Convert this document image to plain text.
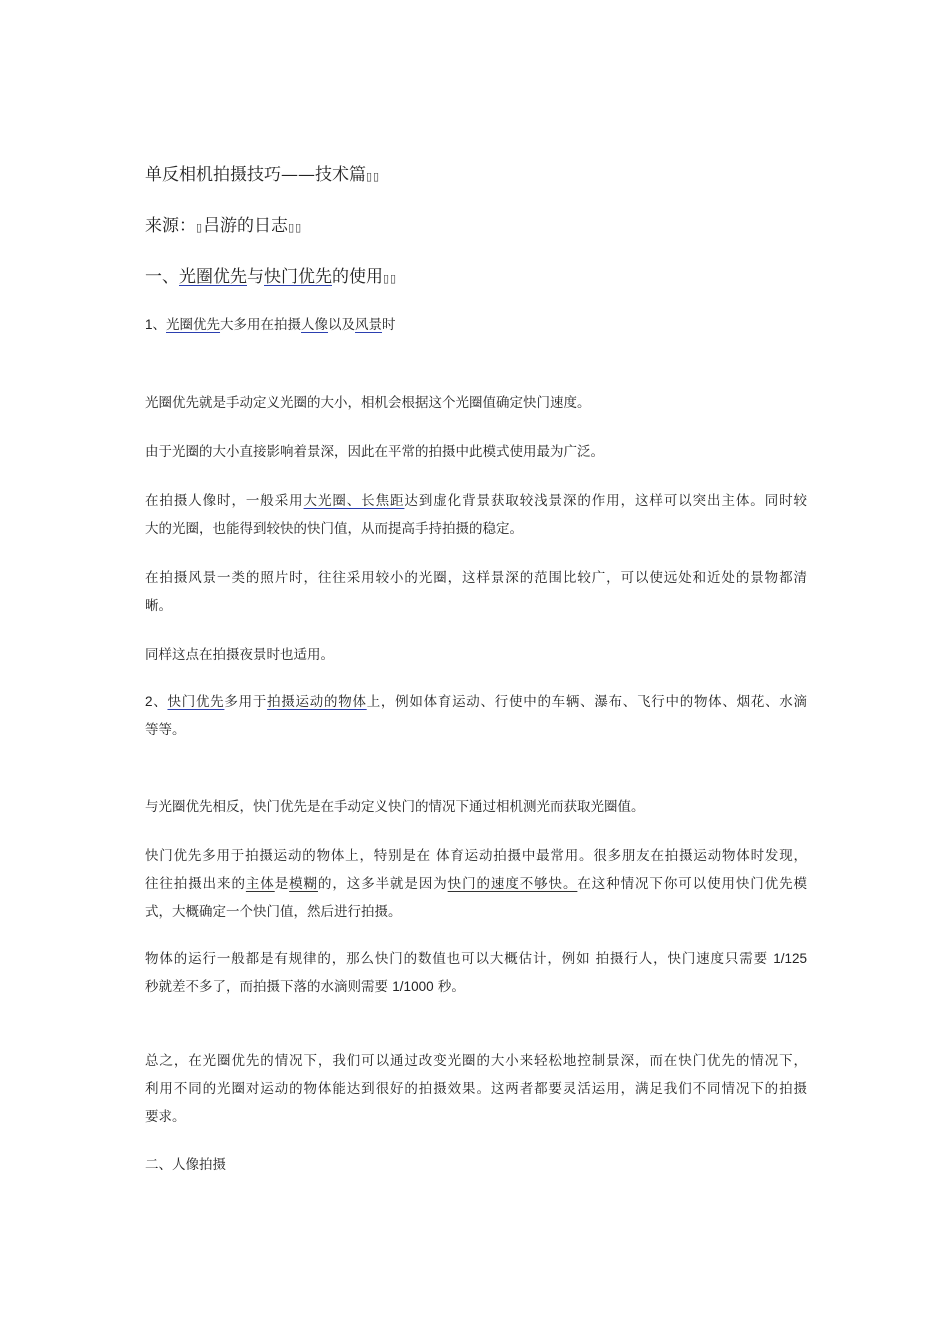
单反相机拍摄技巧——技术篇▯▯
来源：▯吕游的日志▯▯
一、光圈优先与快门优先的使用▯▯
1、光圈优先大多用在拍摄人像以及风景时
光圈优先就是手动定义光圈的大小，相机会根据这个光圈值确定快门速度。
由于光圈的大小直接影响着景深，因此在平常的拍摄中此模式使用最为广泛。
在拍摄人像时，一般采用大光圈、长焦距达到虚化背景获取较浅景深的作用，这样可以突出主体。同时较
大的光圈，也能得到较快的快门值，从而提高手持拍摄的稳定。
在拍摄风景一类的照片时，往往采用较小的光圈，这样景深的范围比较广，可以使远处和近处的景物都清
晰。
同样这点在拍摄夜景时也适用。
2、快门优先多用于拍摄运动的物体上，例如体育运动、行使中的车辆、瀑布、飞行中的物体、烟花、水滴
等等。
与光圈优先相反，快门优先是在手动定义快门的情况下通过相机测光而获取光圈值。
快门优先多用于拍摄运动的物体上，特别是在 体育运动拍摄中最常用。很多朋友在拍摄运动物体时发现，
往往拍摄出来的主体是模糊的，这多半就是因为快门的速度不够快。在这种情况下你可以使用快门优先模
式，大概确定一个快门值，然后进行拍摄。
物体的运行一般都是有规律的，那么快门的数值也可以大概估计，例如 拍摄行人，快门速度只需要 1/125
秒就差不多了，而拍摄下落的水滴则需要 1/1000 秒。
总之，在光圈优先的情况下，我们可以通过改变光圈的大小来轻松地控制景深，而在快门优先的情况下，
利用不同的光圈对运动的物体能达到很好的拍摄效果。这两者都要灵活运用，满足我们不同情况下的拍摄
要求。
二、人像拍摄
